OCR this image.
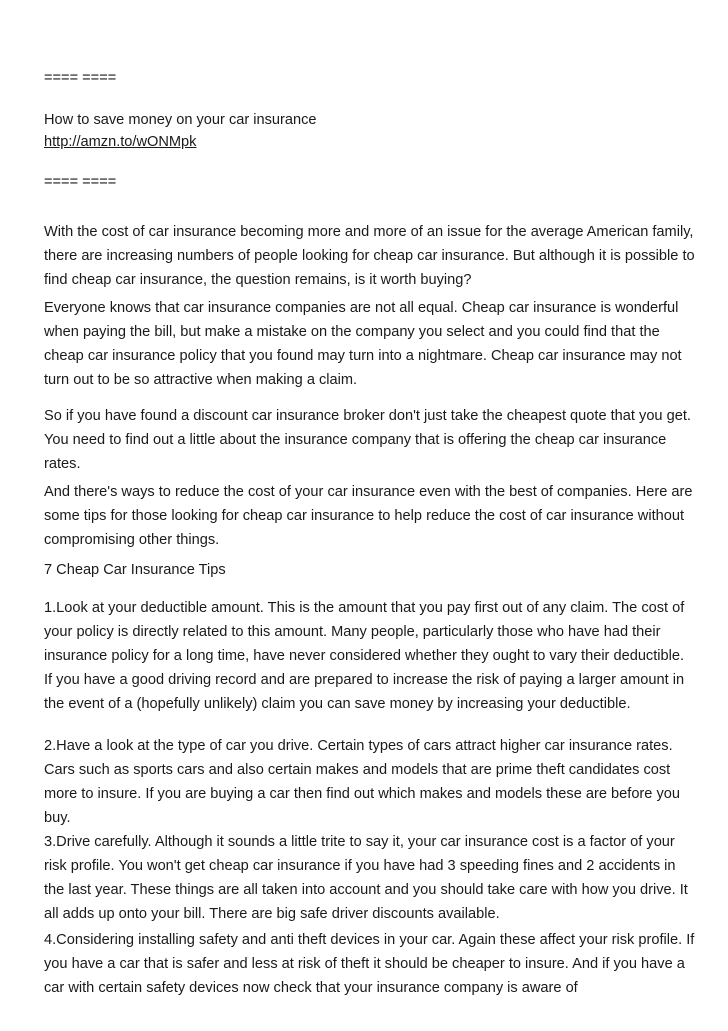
==== ====

How to save money on your car insurance

http://amzn.to/wONMpk

==== ====

With the cost of car insurance becoming more and more of an issue for the average American family, there are increasing numbers of people looking for cheap car insurance. But although it is possible to find cheap car insurance, the question remains, is it worth buying?

Everyone knows that car insurance companies are not all equal. Cheap car insurance is wonderful when paying the bill, but make a mistake on the company you select and you could find that the cheap car insurance policy that you found may turn into a nightmare. Cheap car insurance may not turn out to be so attractive when making a claim.

So if you have found a discount car insurance broker don't just take the cheapest quote that you get. You need to find out a little about the insurance company that is offering the cheap car insurance rates.

And there's ways to reduce the cost of your car insurance even with the best of companies. Here are some tips for those looking for cheap car insurance to help reduce the cost of car insurance without compromising other things.

7 Cheap Car Insurance Tips

1.Look at your deductible amount. This is the amount that you pay first out of any claim. The cost of your policy is directly related to this amount. Many people, particularly those who have had their insurance policy for a long time, have never considered whether they ought to vary their deductible. If you have a good driving record and are prepared to increase the risk of paying a larger amount in the event of a (hopefully unlikely) claim you can save money by increasing your deductible.

2.Have a look at the type of car you drive. Certain types of cars attract higher car insurance rates. Cars such as sports cars and also certain makes and models that are prime theft candidates cost more to insure. If you are buying a car then find out which makes and models these are before you buy.

3.Drive carefully. Although it sounds a little trite to say it, your car insurance cost is a factor of your risk profile. You won't get cheap car insurance if you have had 3 speeding fines and 2 accidents in the last year. These things are all taken into account and you should take care with how you drive. It all adds up onto your bill. There are big safe driver discounts available.

4.Considering installing safety and anti theft devices in your car. Again these affect your risk profile. If you have a car that is safer and less at risk of theft it should be cheaper to insure. And if you have a car with certain safety devices now check that your insurance company is aware of
